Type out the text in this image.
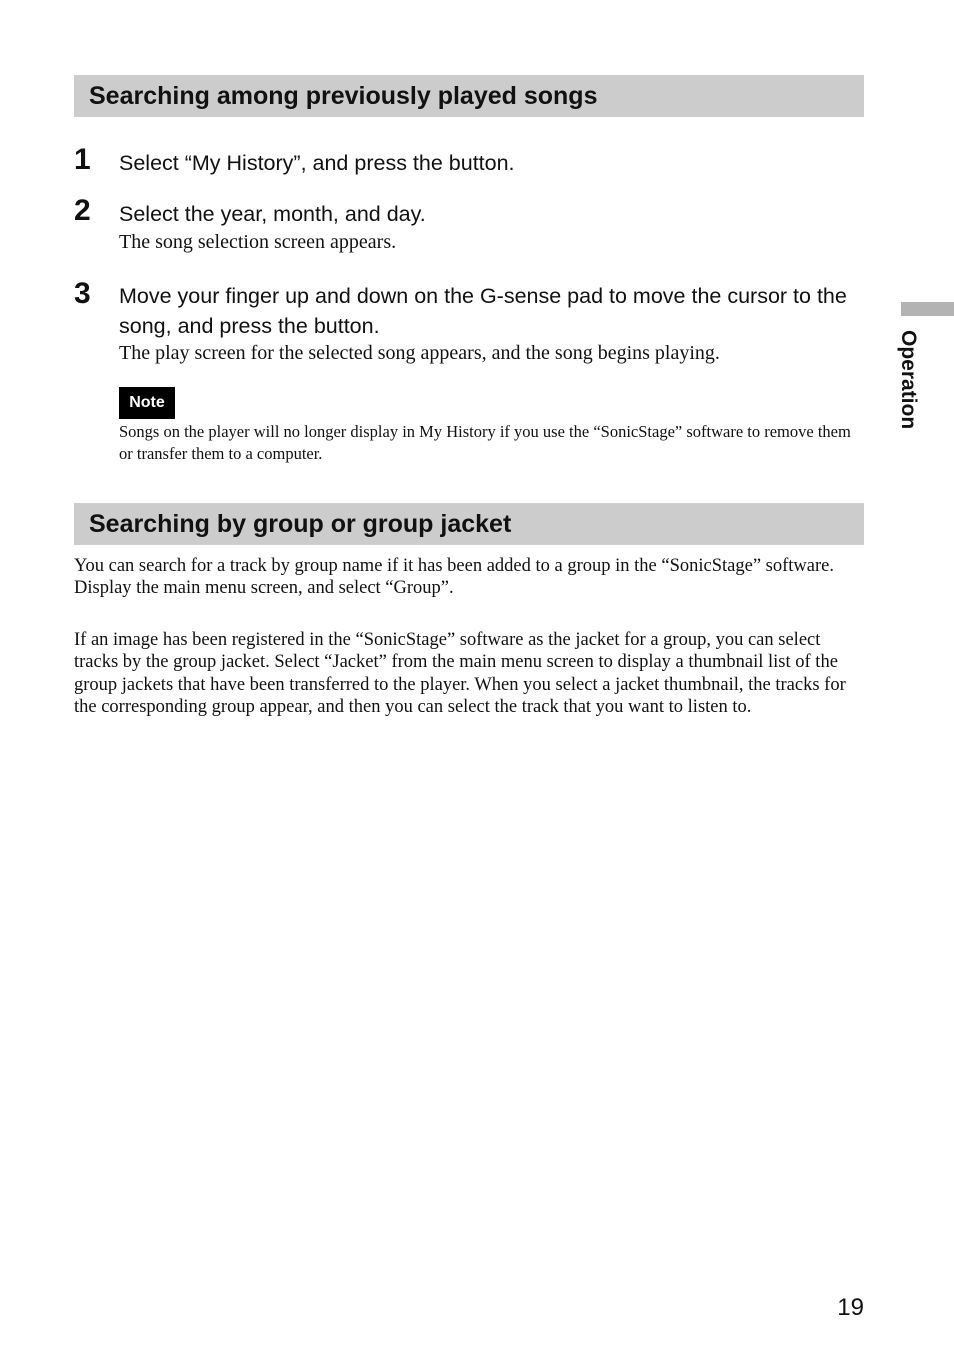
Searching among previously played songs
1 Select “My History”, and press the button.
2 Select the year, month, and day.
The song selection screen appears.
3 Move your finger up and down on the G-sense pad to move the cursor to the song, and press the button.
The play screen for the selected song appears, and the song begins playing.
Note
Songs on the player will no longer display in My History if you use the “SonicStage” software to remove them or transfer them to a computer.
Searching by group or group jacket
You can search for a track by group name if it has been added to a group in the “SonicStage” software. Display the main menu screen, and select “Group”.
If an image has been registered in the “SonicStage” software as the jacket for a group, you can select tracks by the group jacket. Select “Jacket” from the main menu screen to display a thumbnail list of the group jackets that have been transferred to the player. When you select a jacket thumbnail, the tracks for the corresponding group appear, and then you can select the track that you want to listen to.
Operation
19
